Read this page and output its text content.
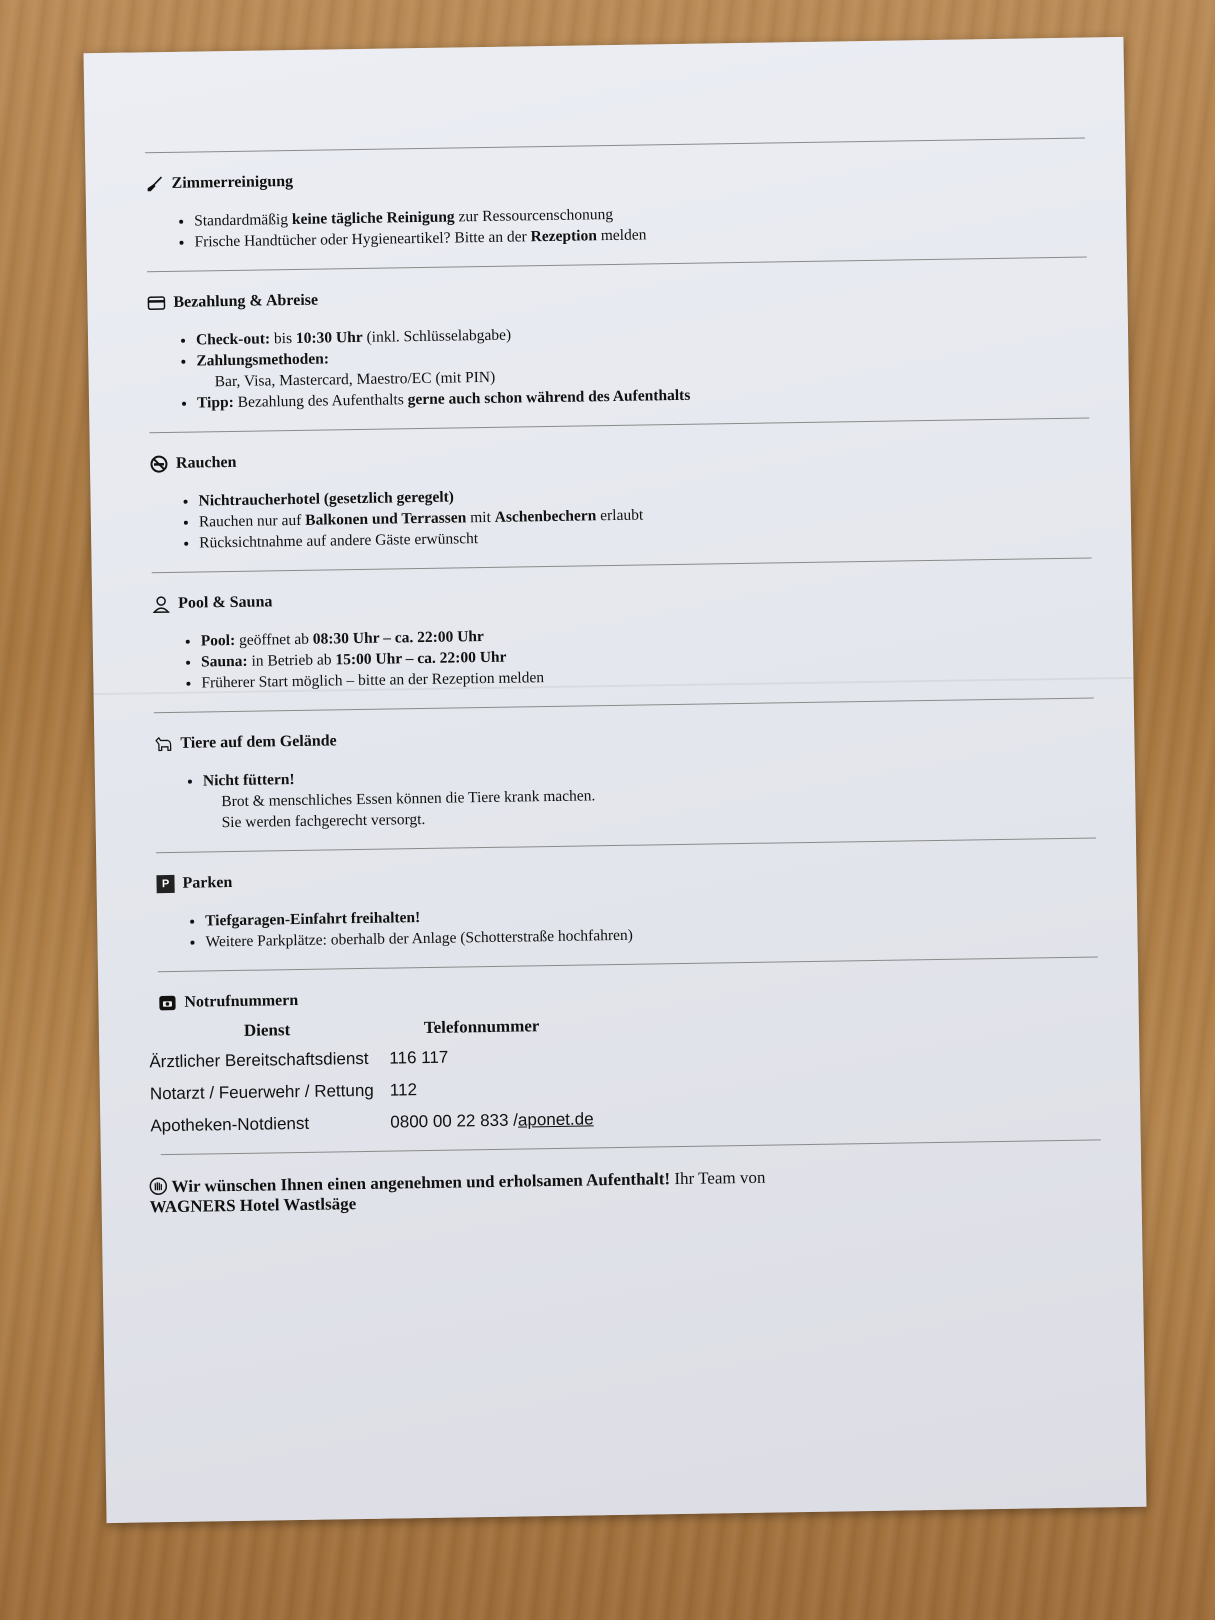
Zimmerreinigung
• Standardmäßig keine tägliche Reinigung zur Ressourcenschonung
• Frische Handtücher oder Hygieneartikel? Bitte an der Rezeption melden
Bezahlung & Abreise
• Check-out: bis 10:30 Uhr (inkl. Schlüsselabgabe)
• Zahlungsmethoden:
Bar, Visa, Mastercard, Maestro/EC (mit PIN)
• Tipp: Bezahlung des Aufenthalts gerne auch schon während des Aufenthalts
Rauchen
• Nichtraucherhotel (gesetzlich geregelt)
• Rauchen nur auf Balkonen und Terrassen mit Aschenbechern erlaubt
• Rücksichtnahme auf andere Gäste erwünscht
Pool & Sauna
• Pool: geöffnet ab 08:30 Uhr – ca. 22:00 Uhr
• Sauna: in Betrieb ab 15:00 Uhr – ca. 22:00 Uhr
• Früherer Start möglich – bitte an der Rezeption melden
Tiere auf dem Gelände
• Nicht füttern!
Brot & menschliches Essen können die Tiere krank machen.
Sie werden fachgerecht versorgt.
P Parken
• Tiefgaragen-Einfahrt freihalten!
• Weitere Parkplätze: oberhalb der Anlage (Schotterstraße hochfahren)
Notrufnummern
Dienst	Telefonnummer
Ärztlicher Bereitschaftsdienst	116 117
Notarzt / Feuerwehr / Rettung 112
Apotheken-Notdienst	0800 00 22 833 / aponet.de
Wir wünschen Ihnen einen angenehmen und erholsamen Aufenthalt! Ihr Team von
WAGNERS Hotel Wastlsäge
